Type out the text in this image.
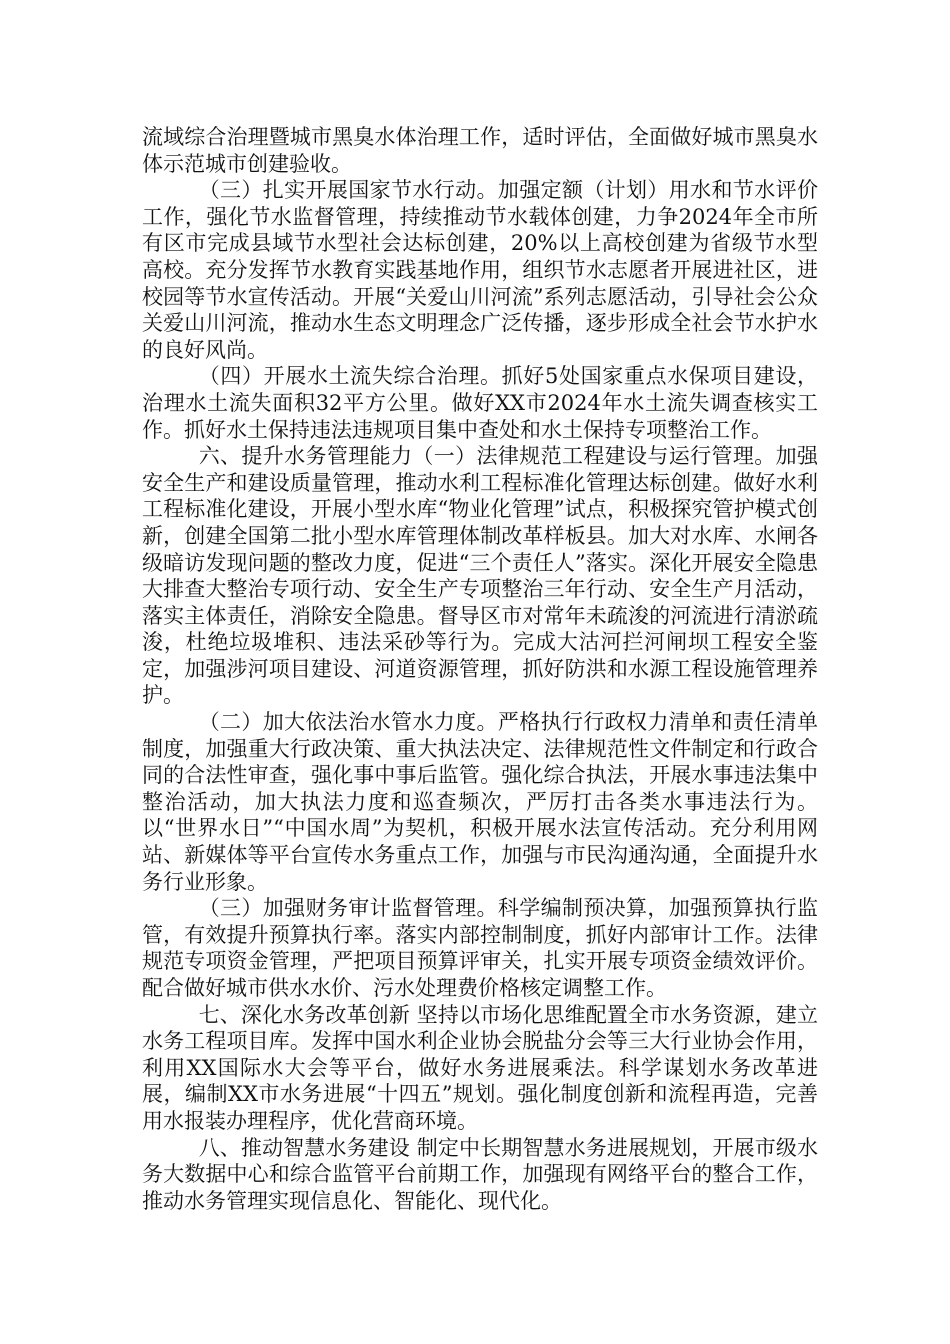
流域综合治理暨城市黑臭水体治理工作，适时评估，全面做好城市黑臭水体示范城市创建验收。

（三）扎实开展国家节水行动。加强定额（计划）用水和节水评价工作，强化节水监督管理，持续推动节水载体创建，力争2024年全市所有区市完成县域节水型社会达标创建，20%以上高校创建为省级节水型高校。充分发挥节水教育实践基地作用，组织节水志愿者开展进社区，进校园等节水宣传活动。开展“关爱山川河流”系列志愿活动，引导社会公众关爱山川河流，推动水生态文明理念广泛传播，逐步形成全社会节水护水的良好风尚。

（四）开展水土流失综合治理。抓好5处国家重点水保项目建设，治理水土流失面积32平方公里。做好XX市2024年水土流失调查核实工作。抓好水土保持违法违规项目集中查处和水土保持专项整治工作。

六、提升水务管理能力（一）法律规范工程建设与运行管理。加强安全生产和建设质量管理，推动水利工程标准化管理达标创建。做好水利工程标准化建设，开展小型水库“物业化管理”试点，积极探究管护模式创新，创建全国第二批小型水库管理体制改革样板县。加大对水库、水闸各级暗访发现问题的整改力度，促进“三个责任人”落实。深化开展安全隐患大排查大整治专项行动、安全生产专项整治三年行动、安全生产月活动，落实主体责任，消除安全隐患。督导区市对常年未疏浚的河流进行清淤疏浚，杜绝垃圾堆积、违法采砂等行为。完成大沽河拦河闸坝工程安全鉴定，加强涉河项目建设、河道资源管理，抓好防洪和水源工程设施管理养护。

（二）加大依法治水管水力度。严格执行行政权力清单和责任清单制度，加强重大行政决策、重大执法决定、法律规范性文件制定和行政合同的合法性审查，强化事中事后监管。强化综合执法，开展水事违法集中整治活动，加大执法力度和巡查频次，严厉打击各类水事违法行为。以“世界水日”“中国水周”为契机，积极开展水法宣传活动。充分利用网站、新媒体等平台宣传水务重点工作，加强与市民沟通沟通，全面提升水务行业形象。

（三）加强财务审计监督管理。科学编制预决算，加强预算执行监管，有效提升预算执行率。落实内部控制制度，抓好内部审计工作。法律规范专项资金管理，严把项目预算评审关，扎实开展专项资金绩效评价。配合做好城市供水水价、污水处理费价格核定调整工作。

七、深化水务改革创新 坚持以市场化思维配置全市水务资源，建立水务工程项目库。发挥中国水利企业协会脱盐分会等三大行业协会作用，利用XX国际水大会等平台，做好水务进展乘法。科学谋划水务改革进展，编制XX市水务进展“十四五”规划。强化制度创新和流程再造，完善用水报装办理程序，优化营商环境。

八、推动智慧水务建设 制定中长期智慧水务进展规划，开展市级水务大数据中心和综合监管平台前期工作，加强现有网络平台的整合工作，推动水务管理实现信息化、智能化、现代化。
